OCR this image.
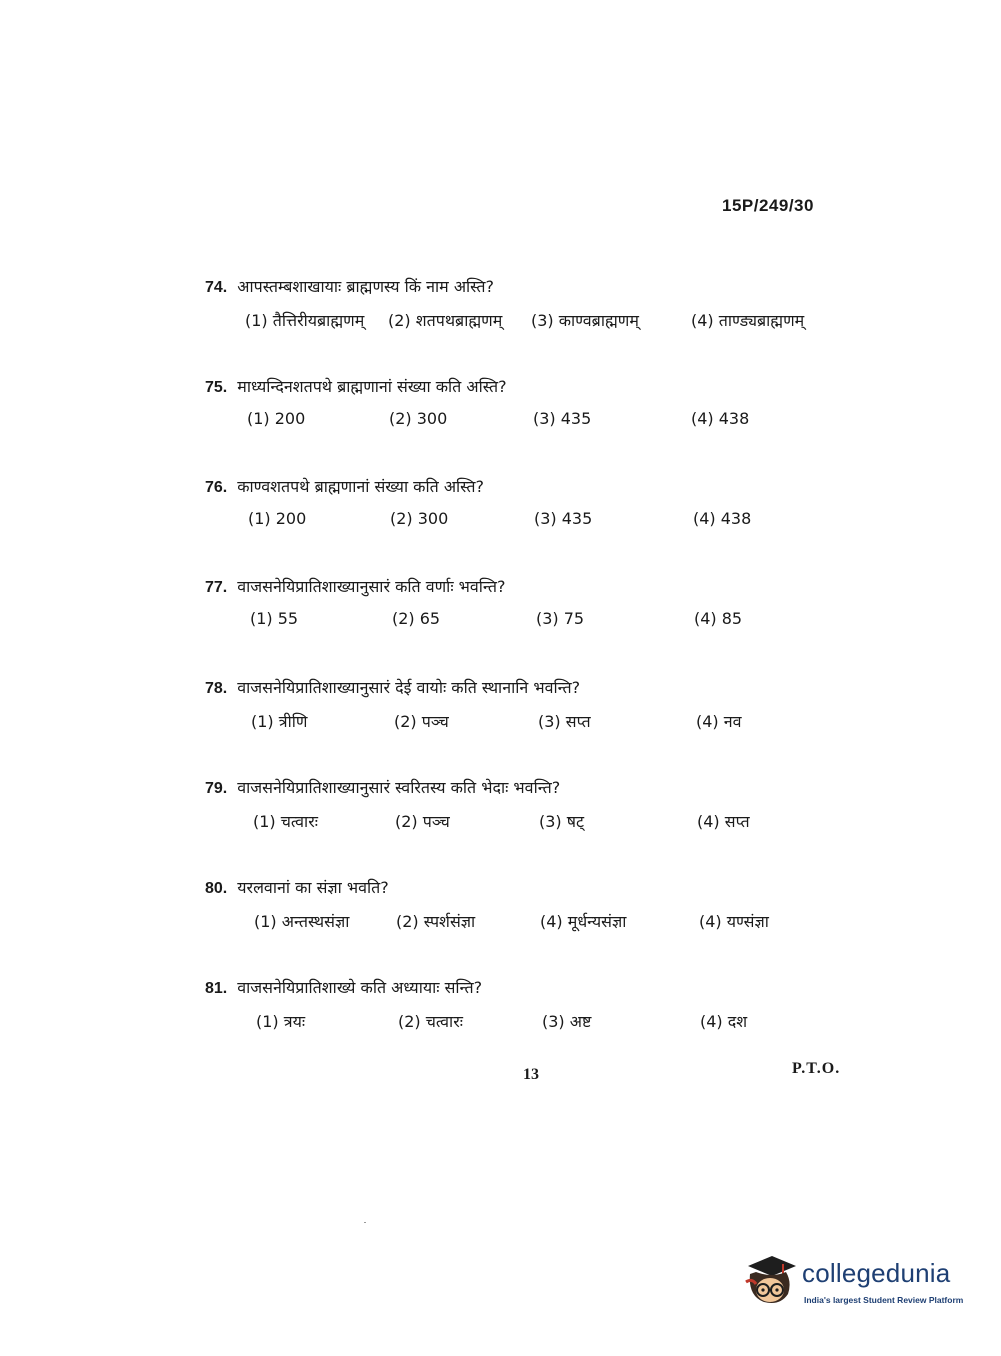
15P/249/30
74. आपस्तम्बशाखायाः ब्राह्मणस्य किं नाम अस्ति?
(1) तैत्तिरीयब्राह्मणम् (2) शतपथब्राह्मणम् (3) काण्वब्राह्मणम्	(4) ताण्ड्यब्राह्मणम्
75. माध्यन्दिनशतपथे ब्राह्मणानां संख्या कति अस्ति?
(1) 200	(2) 300	(3) 435	(4) 438
76. काण्वशतपथे ब्राह्मणानां संख्या कति अस्ति?
(1) 200	(2) 300	(3) 435	(4) 438
77. वाजसनेयिप्रातिशाख्यानुसारं कति वर्णाः भवन्ति?
(1) 55	(2) 65	(3) 75	(4) 85
78. वाजसनेयिप्रातिशाख्यानुसारं देई वायोः कति स्थानानि भवन्ति?
(1) त्रीणि	(2) पञ्च	(3) सप्त	(4) नव
79. वाजसनेयिप्रातिशाख्यानुसारं स्वरितस्य कति भेदाः भवन्ति?
(1) चत्वारः	(2) पञ्च	(3) षट्	(4) सप्त
80. यरलवानां का संज्ञा भवति?
(1) अन्तस्थसंज्ञा	(2) स्पर्शसंज्ञा	(4) मूर्धन्यसंज्ञा	(4) यण्संज्ञा
81. वाजसनेयिप्रातिशाख्ये कति अध्यायाः सन्ति?
(1) त्रयः	(2) चत्वारः	(3) अष्ट	(4) दश
13	P.T.O.
collegedunia
India's largest Student Review Platform
